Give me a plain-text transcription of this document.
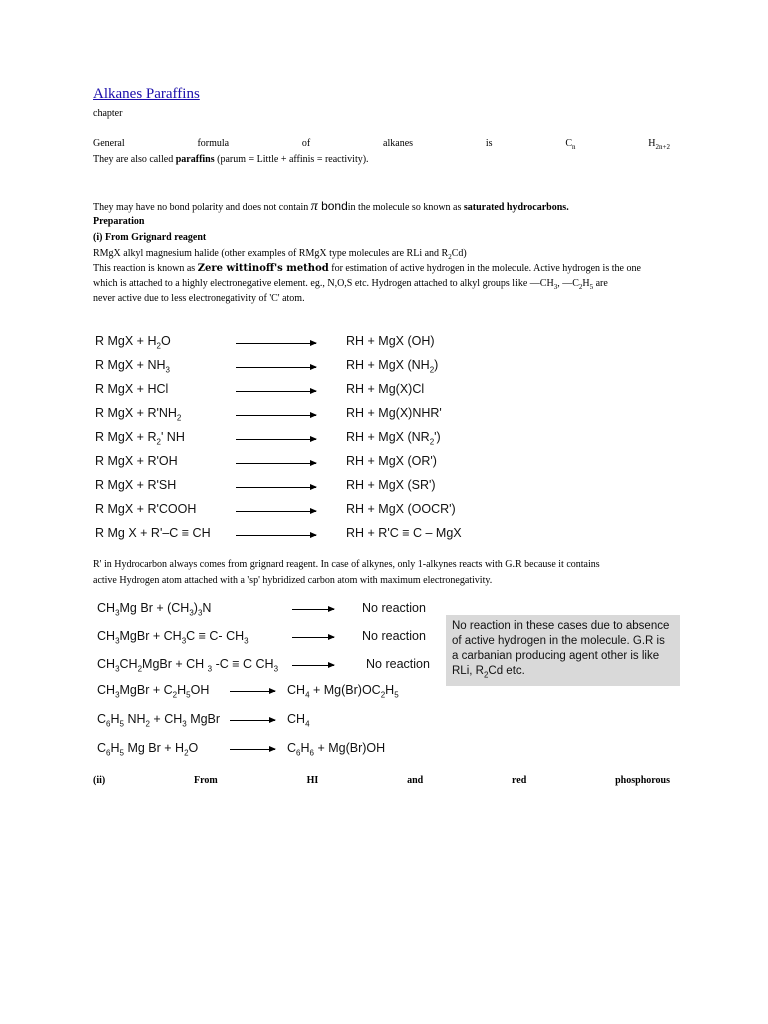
Alkanes Paraffins
chapter
General	formula	of	alkanes	is	$C_n$	$H_{2n+2}$
They are also called paraffins (parum = Little + affinis = reactivity).
They may have no bond polarity and does not contain π bondin the molecule so known as saturated hydrocarbons.
Preparation
(i) From Grignard reagent
RMgX alkyl magnesium halide (other examples of RMgX type molecules are RLi and $R_2Cd$)
This reaction is known as Zere wittinoff's method for estimation of active hydrogen in the molecule. Active hydrogen is the one
which is attached to a highly electronegative element. eg., N,O,S etc. Hydrogen attached to alkyl groups like $—CH_3$, $—C_2H_5$ are
never active due to less electronegativity of 'C' atom.
R' in Hydrocarbon always comes from grignard reagent. In case of alkynes, only 1-alkynes reacts with G.R because it contains
active Hydrogen atom attached with a 'sp' hybridized carbon atom with maximum electronegativity.
No reaction in these cases due to absence
of active hydrogen in the molecule. G.R is
a carbanian producing agent other is like
RLi, $R_2Cd$ etc.
(ii)	From	HI	and	red	phosphorous
R MgX + $H_2O$	RH + MgX (OH)
R MgX + $NH_3$	RH + MgX $(NH_2)$
R MgX + HCl	RH + Mg(X)Cl
R MgX + $R'NH_2$	RH + Mg(X)NHR'
R MgX + $R_2'$ NH	RH + MgX $(NR_2')$
R MgX + R'OH	RH + MgX (OR')
R MgX + R'SH	RH + MgX (SR')
R MgX + R'COOH	RH + MgX (OOCR')
R Mg X + R'–C ≡ CH	RH + R'C ≡ C – MgX
$CH_3Mg$ $Br + (CH_3)_3N$	No reaction
$CH_3MgBr + CH_3C \equiv C-$ $CH_3$	No reaction
$CH_3CH_2MgBr$ + CH $_3$ -C ≡ C $CH_3$ →	No reaction
$CH_3MgBr + C_2H_5OH \to CH_4 + Mg(Br)OC_2H_5$
$C_6H_5$ $NH_2 + CH_3$ MgBr → $CH_4$
$C_6H_5$ Mg $Br + H_2O \to C_6H_6 + Mg(Br)OH$
